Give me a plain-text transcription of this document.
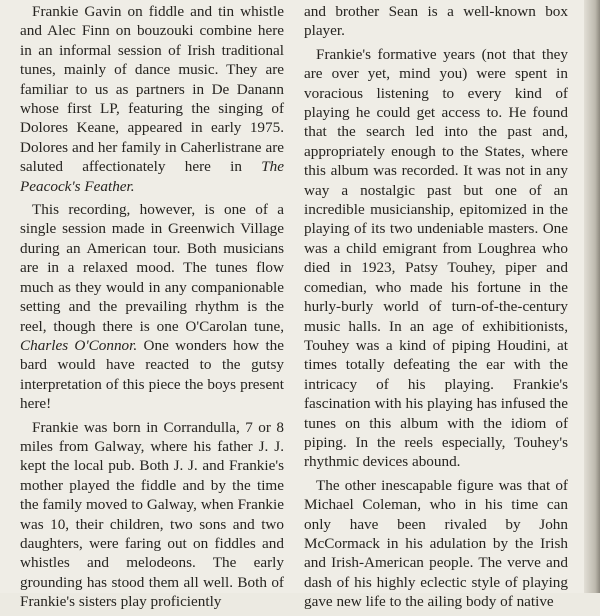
Frankie Gavin on fiddle and tin whistle and Alec Finn on bouzouki combine here in an informal session of Irish traditional tunes, mainly of dance music. They are familiar to us as partners in De Danann whose first LP, featuring the singing of Dolores Keane, appeared in early 1975. Dolores and her family in Caherlistrane are saluted affectionately here in The Peacock's Feather.

This recording, however, is one of a single session made in Greenwich Village during an American tour. Both musicians are in a relaxed mood. The tunes flow much as they would in any companionable setting and the prevailing rhythm is the reel, though there is one O'Carolan tune, Charles O'Connor. One wonders how the bard would have reacted to the gutsy interpretation of this piece the boys present here!

Frankie was born in Corrandulla, 7 or 8 miles from Galway, where his father J. J. kept the local pub. Both J. J. and Frankie's mother played the fiddle and by the time the family moved to Galway, when Frankie was 10, their children, two sons and two daughters, were faring out on fiddles and whistles and melodeons. The early grounding has stood them all well. Both of Frankie's sisters play proficiently

and brother Sean is a well-known box player.

Frankie's formative years (not that they are over yet, mind you) were spent in voracious listening to every kind of playing he could get access to. He found that the search led into the past and, appropriately enough to the States, where this album was recorded. It was not in any way a nostalgic past but one of an incredible musicianship, epitomized in the playing of its two undeniable masters. One was a child emigrant from Loughrea who died in 1923, Patsy Touhey, piper and comedian, who made his fortune in the hurly-burly world of turn-of-the-century music halls. In an age of exhibitionists, Touhey was a kind of piping Houdini, at times totally defeating the ear with the intricacy of his playing. Frankie's fascination with his playing has infused the tunes on this album with the idiom of piping. In the reels especially, Touhey's rhythmic devices abound.

The other inescapable figure was that of Michael Coleman, who in his time can only have been rivaled by John McCormack in his adulation by the Irish and Irish-American people. The verve and dash of his highly eclectic style of playing gave new life to the ailing body of native
